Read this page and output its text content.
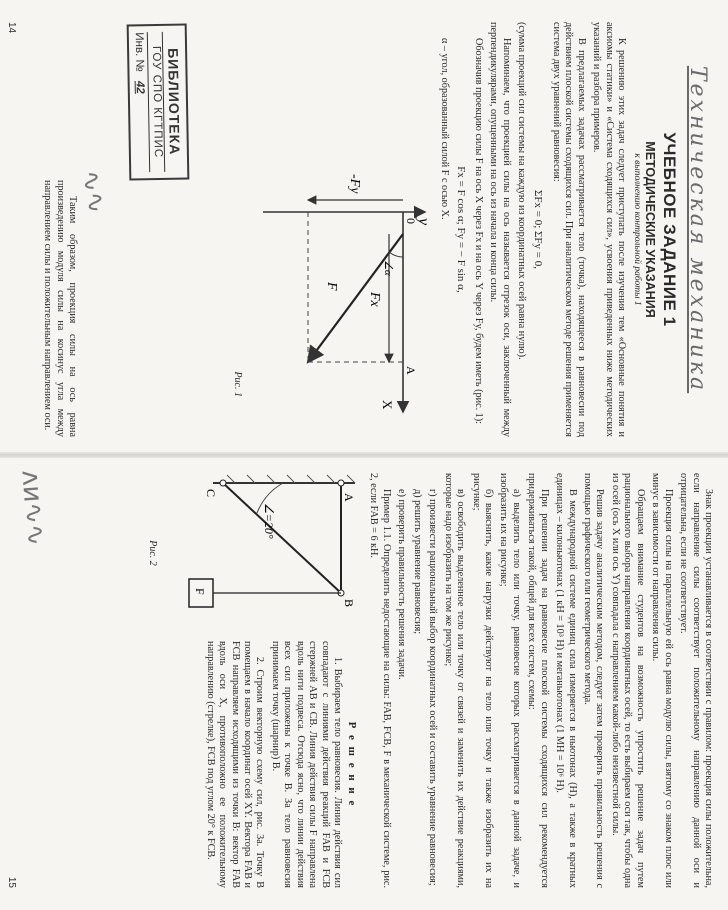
Техническая механика
УЧЕБНОЕ ЗАДАНИЕ 1
МЕТОДИЧЕСКИЕ УКАЗАНИЯ
к выполнению контрольной работы 1

К решению этих задач следует приступать после изучения тем «Основные понятия и аксиомы статики» и «Система сходящихся сил», усвоения приведенных ниже методических указаний и разбора примеров.

В предлагаемых задачах рассматривается тело (точка), находящееся в равновесии под действием плоской системы сходящихся сил. При аналитическом методе решения применяется система двух уравнений равновесия:

ΣFx = 0; ΣFy = 0,

(сумма проекций сил системы на каждую из координатных осей равна нулю).

Напоминаем, что проекцией силы на ось называется отрезок оси, заключенный между перпендикулярами, опущенными на ось из начала и конца силы.

Обозначив проекцию силы F на ось X через Fx и на ось Y через Fy, будем иметь (рис. 1):

Fx = F cos α; Fy = − F sin α,

α – угол, образованный силой F с осью X.

y
X
0
A
Fx
-Fy
F
∠α
Рис. 1
БИБЛИОТЕКА
ГОУ СПО КГТПИС
Инв. № 42

Таким образом, проекция силы на ось равна произведению модуля силы на косинус угла между направлением силы и положительным направлением оси.

14

Знак проекции устанавливается в соответствии с правилом: проекция силы положительна, если направление силы соответствует положительному направлению данной оси и отрицательна, если не соответствует.

Проекция силы на параллельную ей ось равна модулю силы, взятому со знаком плюс или минус в зависимости от направления силы.

Обращаем внимание студентов на возможность упростить решение задач путем рационального выбора направления координатных осей, то есть выбираем оси так, чтобы одна из осей (ось X или ось Y) совпадала с направлением какой-либо неизвестной силы.

Решив задачу аналитическим методом, следует затем проверить правильность решения с помощью графического или геометрического метода.

В международной системе единиц сила измеряется в ньютонах (Н), а также в кратных единицах – килоньютонах (1 кН = 10³ Н) и меганьютонах (1 МН = 10⁶ Н).

При решении задач на равновесие плоской системы сходящихся сил рекомендуется придерживаться такой, общей для всех систем, схемы:

а) выделить тело или точку, равновесие которых рассматривается в данной задаче, и изобразить их на рисунке;

б) выяснить, какие нагрузки действуют на тело или точку и также изобразить их на рисунке;

в) освободить выделенное тело или точку от связей и заменить их действие реакциями, которые надо изобразить на том же рисунке;

г) произвести рациональный выбор координатных осей и составить уравнение равновесия;

д) решить уравнение равновесия;

е) проверить правильность решения задачи.

Пример 1.1. Определить недостающие на силы: FAB, FCB, F в механической системе, рис. 2, если FAB = 6 кН.

A
B
C
∠=20°
F
Рис. 2
Р е ш е н и е

1. Выбираем тело равновесия. Линии действия сил совпадают с линиями действия реакций FAB и FCB стержней AB и CB. Линия действия силы F направлена вдоль нити подвеса. Отсюда ясно, что линии действия всех сил приложены к точке B. За тело равновесия принимаем точку (шарнир) B.

2. Строим векторную схему сил, рис. 3а. Точку B помещаем в начало координат осей XY. Вектора FAB и FCB направляем исходящими из точки B: вектор FAB вдоль оси X, противоположно ее положительному направлению (стрелке), FCB под углом 20° к FCB.

15
∿∿
ʌᴎ∿∿
